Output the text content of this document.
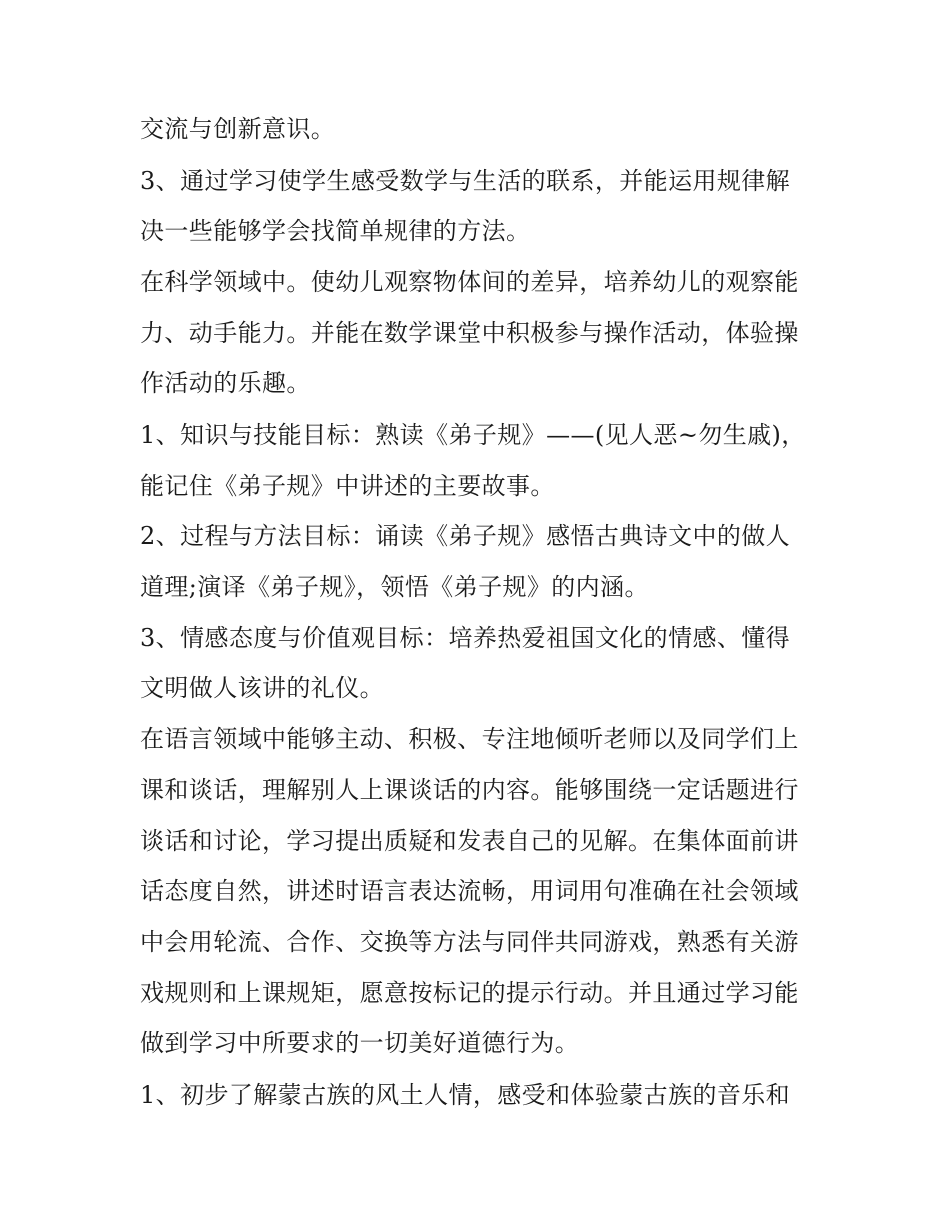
交流与创新意识。
3、通过学习使学生感受数学与生活的联系，并能运用规律解
决一些能够学会找简单规律的方法。
在科学领域中。使幼儿观察物体间的差异，培养幼儿的观察能
力、动手能力。并能在数学课堂中积极参与操作活动，体验操
作活动的乐趣。
1、知识与技能目标：熟读《弟子规》——(见人恶~勿生戚)，
能记住《弟子规》中讲述的主要故事。
2、过程与方法目标：诵读《弟子规》感悟古典诗文中的做人
道理;演译《弟子规》，领悟《弟子规》的内涵。
3、情感态度与价值观目标：培养热爱祖国文化的情感、懂得
文明做人该讲的礼仪。
在语言领域中能够主动、积极、专注地倾听老师以及同学们上
课和谈话，理解别人上课谈话的内容。能够围绕一定话题进行
谈话和讨论，学习提出质疑和发表自己的见解。在集体面前讲
话态度自然，讲述时语言表达流畅，用词用句准确在社会领域
中会用轮流、合作、交换等方法与同伴共同游戏，熟悉有关游
戏规则和上课规矩，愿意按标记的提示行动。并且通过学习能
做到学习中所要求的一切美好道德行为。
1、初步了解蒙古族的风土人情，感受和体验蒙古族的音乐和
